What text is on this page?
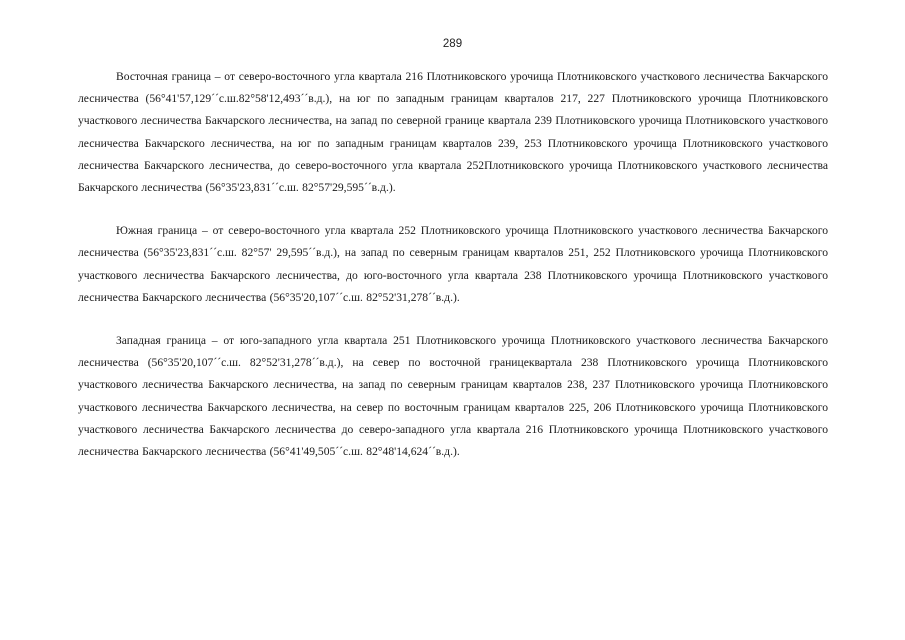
289

Восточная граница – от северо-восточного угла квартала 216 Плотниковского урочища Плотниковского участкового лесничества Бакчарского лесничества (56°41'57,129´´с.ш.82°58'12,493´´в.д.), на юг по западным границам кварталов 217, 227 Плотниковского урочища Плотниковского участкового лесничества Бакчарского лесничества, на запад по северной границе квартала 239 Плотниковского урочища Плотниковского участкового лесничества Бакчарского лесничества, на юг по западным границам кварталов 239, 253 Плотниковского урочища Плотниковского участкового лесничества Бакчарского лесничества, до северо-восточного угла квартала 252Плотниковского урочища Плотниковского участкового лесничества Бакчарского лесничества (56°35'23,831´´с.ш. 82°57'29,595´´в.д.).

Южная граница – от северо-восточного угла квартала 252 Плотниковского урочища Плотниковского участкового лесничества Бакчарского лесничества (56°35'23,831´´с.ш. 82°57' 29,595´´в.д.), на запад по северным границам кварталов 251, 252 Плотниковского урочища Плотниковского участкового лесничества Бакчарского лесничества, до юго-восточного угла квартала 238 Плотниковского урочища Плотниковского участкового лесничества Бакчарского лесничества (56°35'20,107´´с.ш. 82°52'31,278´´в.д.).

Западная граница – от юго-западного угла квартала 251 Плотниковского урочища Плотниковского участкового лесничества Бакчарского лесничества (56°35'20,107´´с.ш. 82°52'31,278´´в.д.), на север по восточной границеквартала 238 Плотниковского урочища Плотниковского участкового лесничества Бакчарского лесничества, на запад по северным границам кварталов 238, 237 Плотниковского урочища Плотниковского участкового лесничества Бакчарского лесничества, на север по восточным границам кварталов 225, 206 Плотниковского урочища Плотниковского участкового лесничества Бакчарского лесничества до северо-западного угла квартала 216 Плотниковского урочища Плотниковского участкового лесничества Бакчарского лесничества (56°41'49,505´´с.ш. 82°48'14,624´´в.д.).
